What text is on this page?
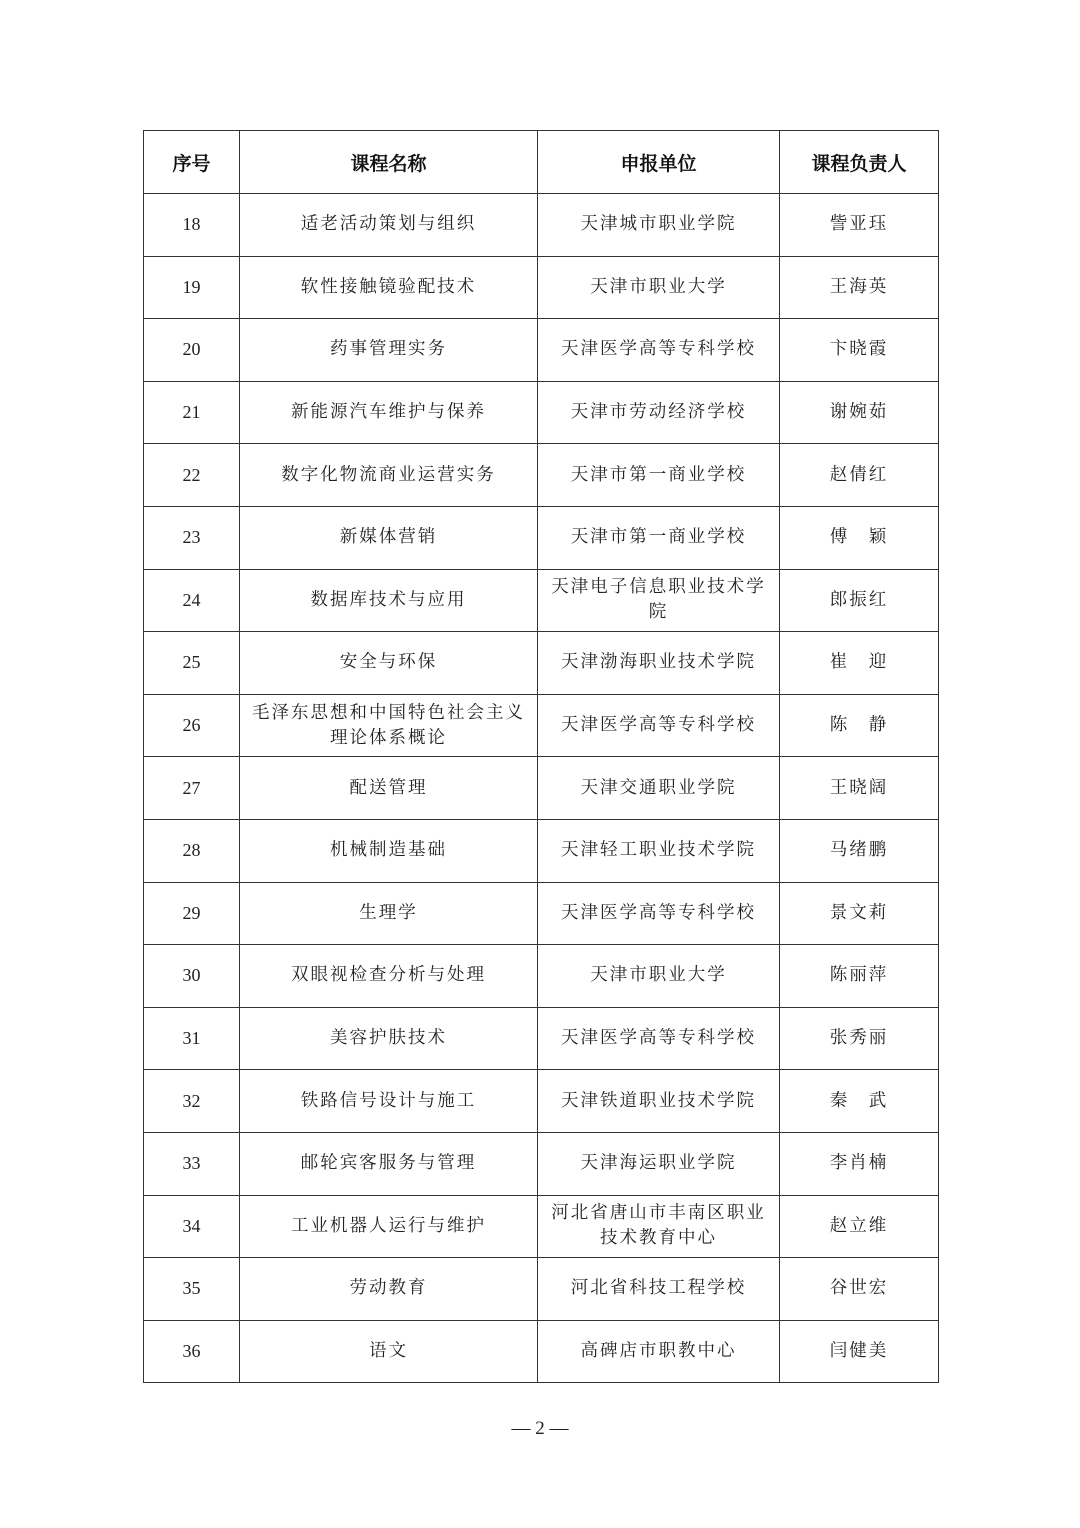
序号	课程名称	申报单位	课程负责人
18	适老活动策划与组织	天津城市职业学院	訾亚珏
19	软性接触镜验配技术	天津市职业大学	王海英
20	药事管理实务	天津医学高等专科学校	卞晓霞
21	新能源汽车维护与保养	天津市劳动经济学校	谢婉茹
22	数字化物流商业运营实务	天津市第一商业学校	赵倩红
23	新媒体营销	天津市第一商业学校	傅　颖
24	数据库技术与应用	天津电子信息职业技术学院	郎振红
25	安全与环保	天津渤海职业技术学院	崔　迎
26	毛泽东思想和中国特色社会主义理论体系概论	天津医学高等专科学校	陈　静
27	配送管理	天津交通职业学院	王晓阔
28	机械制造基础	天津轻工职业技术学院	马绪鹏
29	生理学	天津医学高等专科学校	景文莉
30	双眼视检查分析与处理	天津市职业大学	陈丽萍
31	美容护肤技术	天津医学高等专科学校	张秀丽
32	铁路信号设计与施工	天津铁道职业技术学院	秦　武
33	邮轮宾客服务与管理	天津海运职业学院	李肖楠
34	工业机器人运行与维护	河北省唐山市丰南区职业技术教育中心	赵立维
35	劳动教育	河北省科技工程学校	谷世宏
36	语文	高碑店市职教中心	闫健美
— 2 —
